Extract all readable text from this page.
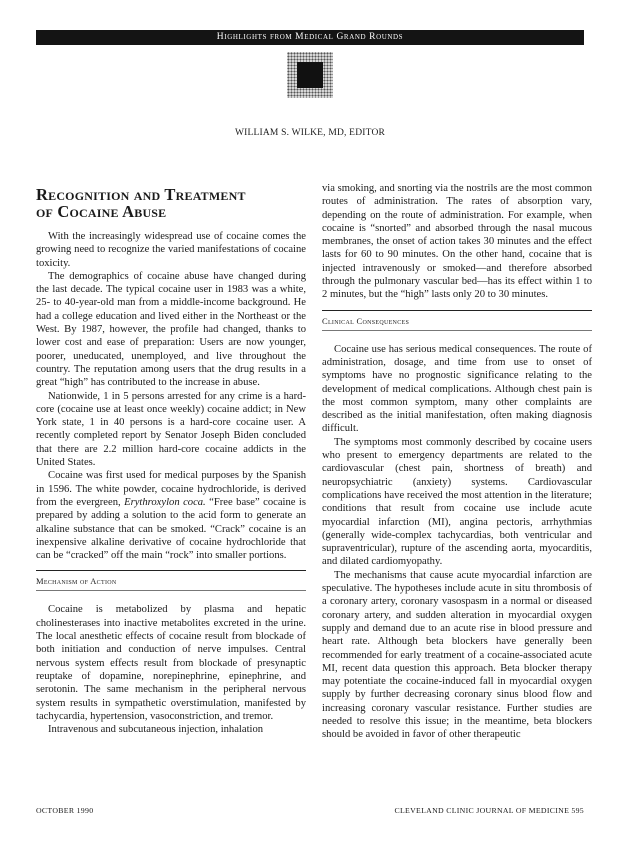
Highlights from Medical Grand Rounds
WILLIAM S. WILKE, MD, EDITOR
Recognition and Treatment
of Cocaine Abuse

With the increasingly widespread use of cocaine comes the growing need to recognize the varied manifestations of cocaine toxicity.

The demographics of cocaine abuse have changed during the last decade. The typical cocaine user in 1983 was a white, 25- to 40-year-old man from a middle-income background. He had a college education and lived either in the Northeast or the West. By 1987, however, the profile had changed, thanks to lower cost and ease of preparation: Users are now younger, poorer, uneducated, unemployed, and live throughout the country. The reputation among users that the drug results in a great “high” has contributed to the increase in abuse.

Nationwide, 1 in 5 persons arrested for any crime is a hard-core (cocaine use at least once weekly) cocaine addict; in New York state, 1 in 40 persons is a hard-core cocaine user. A recently completed report by Senator Joseph Biden concluded that there are 2.2 million hard-core cocaine addicts in the United States.

Cocaine was first used for medical purposes by the Spanish in 1596. The white powder, cocaine hydrochloride, is derived from the evergreen, Erythroxylon coca. “Free base” cocaine is prepared by adding a solution to the acid form to generate an alkaline substance that can be smoked. “Crack” cocaine is an inexpensive alkaline derivative of cocaine hydrochloride that can be “cracked” off the main “rock” into smaller portions.

Mechanism of Action

Cocaine is metabolized by plasma and hepatic cholinesterases into inactive metabolites excreted in the urine. The local anesthetic effects of cocaine result from blockade of both initiation and conduction of nerve impulses. Central nervous system effects result from blockade of presynaptic reuptake of dopamine, norepinephrine, epinephrine, and serotonin. The same mechanism in the peripheral nervous system results in sympathetic overstimulation, manifested by tachycardia, hypertension, vasoconstriction, and tremor.

Intravenous and subcutaneous injection, inhalation

via smoking, and snorting via the nostrils are the most common routes of administration. The rates of absorption vary, depending on the route of administration. For example, when cocaine is “snorted” and absorbed through the nasal mucous membranes, the onset of action takes 30 minutes and the effect lasts for 60 to 90 minutes. On the other hand, cocaine that is injected intravenously or smoked—and therefore absorbed through the pulmonary vascular bed—has its effect within 1 to 2 minutes, but the “high” lasts only 20 to 30 minutes.

Clinical Consequences

Cocaine use has serious medical consequences. The route of administration, dosage, and time from use to onset of symptoms have no prognostic significance relating to the development of medical complications. Although chest pain is the most common symptom, many other complaints are described as the initial manifestation, often making diagnosis difficult.

The symptoms most commonly described by cocaine users who present to emergency departments are related to the cardiovascular (chest pain, shortness of breath) and neuropsychiatric (anxiety) systems. Cardiovascular complications have received the most attention in the literature; conditions that result from cocaine use include acute myocardial infarction (MI), angina pectoris, arrhythmias (generally wide-complex tachycardias, both ventricular and supraventricular), rupture of the ascending aorta, myocarditis, and dilated cardiomyopathy.

The mechanisms that cause acute myocardial infarction are speculative. The hypotheses include acute in situ thrombosis of a coronary artery, coronary vasospasm in a normal or diseased coronary artery, and sudden alteration in myocardial oxygen supply and demand due to an acute rise in blood pressure and heart rate. Although beta blockers have generally been recommended for early treatment of a cocaine-associated acute MI, recent data question this approach. Beta blocker therapy may potentiate the cocaine-induced fall in myocardial oxygen supply by further decreasing coronary sinus blood flow and increasing coronary vascular resistance. Further studies are needed to resolve this issue; in the meantime, beta blockers should be avoided in favor of other therapeutic

OCTOBER 1990	CLEVELAND CLINIC JOURNAL OF MEDICINE 595
